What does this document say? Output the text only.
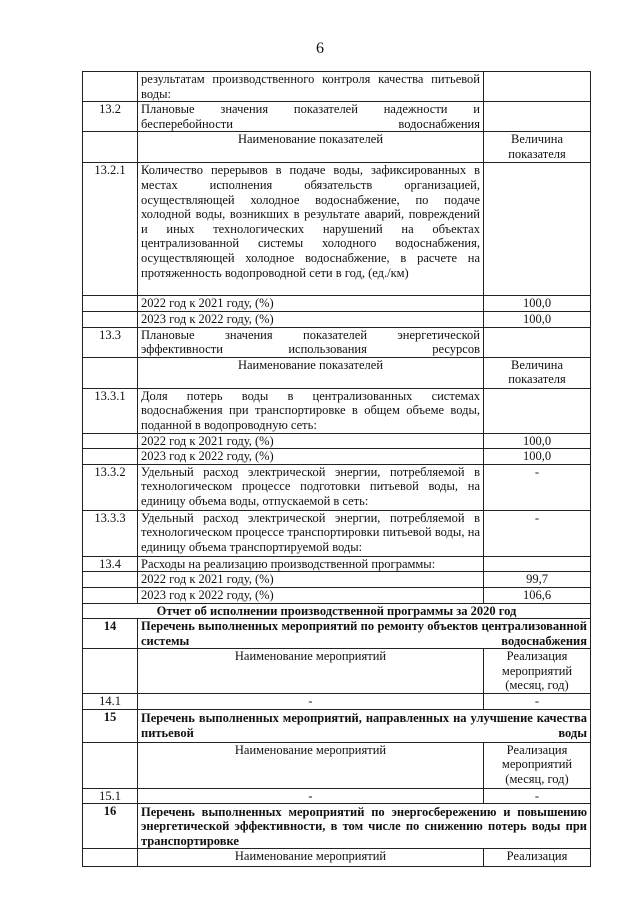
6
	результатам производственного контроля качества питьевой воды:	
13.2	Плановые значения показателей надежности и бесперебойности водоснабжения	
	Наименование показателей	Величина показателя
13.2.1	Количество перерывов в подаче воды, зафиксированных в местах исполнения обязательств организацией, осуществляющей холодное водоснабжение, по подаче холодной воды, возникших в результате аварий, повреждений и иных технологических нарушений на объектах централизованной системы холодного водоснабжения, осуществляющей холодное водоснабжение, в расчете на протяженность водопроводной сети в год, (ед./км)	
	2022 год к 2021 году, (%)	100,0
	2023 год к 2022 году, (%)	100,0
13.3	Плановые значения показателей энергетической эффективности использования ресурсов	
	Наименование показателей	Величина показателя
13.3.1	Доля потерь воды в централизованных системах водоснабжения при транспортировке в общем объеме воды, поданной в водопроводную сеть:	
	2022 год к 2021 году, (%)	100,0
	2023 год к 2022 году, (%)	100,0
13.3.2	Удельный расход электрической энергии, потребляемой в технологическом процессе подготовки питьевой воды, на единицу объема воды, отпускаемой в сеть:	-
13.3.3	Удельный расход электрической энергии, потребляемой в технологическом процессе транспортировки питьевой воды, на единицу объема транспортируемой воды:	-
13.4	Расходы на реализацию производственной программы:	
	2022 год к 2021 году, (%)	99,7
	2023 год к 2022 году, (%)	106,6
Отчет об исполнении производственной программы за 2020 год		
14	Перечень выполненных мероприятий по ремонту объектов централизованной системы водоснабжения	
	Наименование мероприятий	Реализация мероприятий (месяц, год)
14.1	-	-
15	Перечень выполненных мероприятий, направленных на улучшение качества питьевой воды	
	Наименование мероприятий	Реализация мероприятий (месяц, год)
15.1	-	-
16	Перечень выполненных мероприятий по энергосбережению и повышению энергетической эффективности, в том числе по снижению потерь воды при транспортировке	
	Наименование мероприятий	Реализация
